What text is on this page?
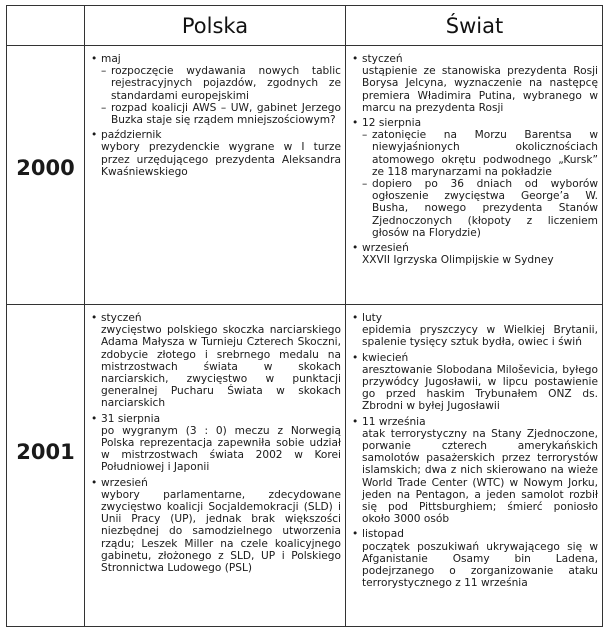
Polska	Świat
2000
• maj
– rozpoczęcie wydawania nowych tablic rejestracyjnych pojazdów, zgodnych ze standardami europejskimi
– rozpad koalicji AWS – UW, gabinet Jerzego Buzka staje się rządem mniejszościowym?
• październik
wybory prezydenckie wygrane w I turze przez urzędującego prezydenta Aleksandra Kwaśniewskiego
• styczeń
ustąpienie ze stanowiska prezydenta Rosji Borysa Jelcyna, wyznaczenie na następcę premiera Władimira Putina, wybranego w marcu na prezydenta Rosji
• 12 sierpnia
– zatonięcie na Morzu Barentsa w niewyjaśnionych okolicznościach atomowego okrętu podwodnego „Kursk” ze 118 marynarzami na pokładzie
– dopiero po 36 dniach od wyborów ogłoszenie zwycięstwa George’a W. Busha, nowego prezydenta Stanów Zjednoczonych (kłopoty z liczeniem głosów na Florydzie)
• wrzesień
XXVII Igrzyska Olimpijskie w Sydney
2001
• styczeń
zwycięstwo polskiego skoczka narciarskiego Adama Małysza w Turnieju Czterech Skoczni, zdobycie złotego i srebrnego medalu na mistrzostwach świata w skokach narciarskich, zwycięstwo w punktacji generalnej Pucharu Świata w skokach narciarskich
• 31 sierpnia
po wygranym (3 : 0) meczu z Norwegią Polska reprezentacja zapewniła sobie udział w mistrzostwach świata 2002 w Korei Południowej i Japonii
• wrzesień
wybory parlamentarne, zdecydowane zwycięstwo koalicji Socjaldemokracji (SLD) i Unii Pracy (UP), jednak brak większości niezbędnej do samodzielnego utworzenia rządu; Leszek Miller na czele koalicyjnego gabinetu, złożonego z SLD, UP i Polskiego Stronnictwa Ludowego (PSL)
• luty
epidemia pryszczycy w Wielkiej Brytanii, spalenie tysięcy sztuk bydła, owiec i świń
• kwiecień
aresztowanie Slobodana Miloševicia, byłego przywódcy Jugosławii, w lipcu postawienie go przed haskim Trybunałem ONZ ds. Zbrodni w byłej Jugosławii
• 11 września
atak terrorystyczny na Stany Zjednoczone, porwanie czterech amerykańskich samolotów pasażerskich przez terrorystów islamskich; dwa z nich skierowano na wieże World Trade Center (WTC) w Nowym Jorku, jeden na Pentagon, a jeden samolot rozbił się pod Pittsburghiem; śmierć poniosło około 3000 osób
• listopad
początek poszukiwań ukrywającego się w Afganistanie Osamy bin Ladena, podejrzanego o zorganizowanie ataku terrorystycznego z 11 września
